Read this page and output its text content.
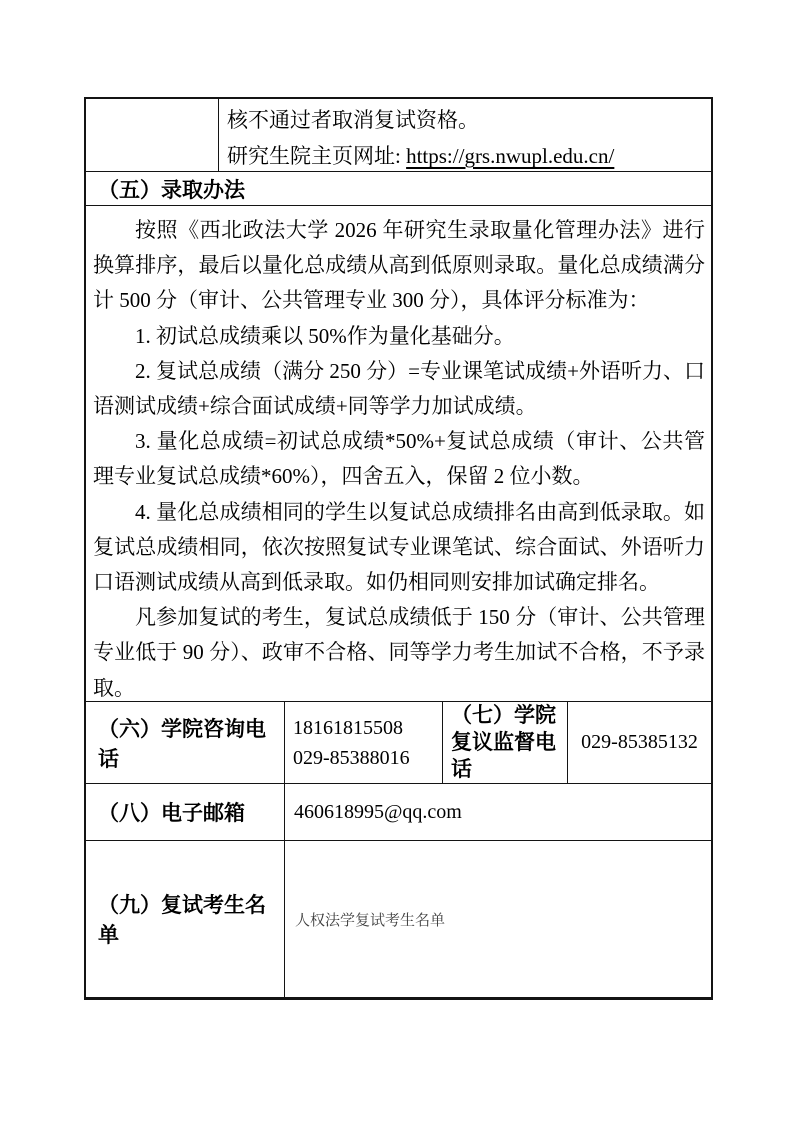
核不通过者取消复试资格。
研究生院主页网址: https://grs.nwupl.edu.cn/
（五）录取办法

按照《西北政法大学 2026 年研究生录取量化管理办法》进行换算排序，最后以量化总成绩从高到低原则录取。量化总成绩满分计 500 分（审计、公共管理专业 300 分），具体评分标准为：

1. 初试总成绩乘以 50%作为量化基础分。

2. 复试总成绩（满分 250 分）=专业课笔试成绩+外语听力、口语测试成绩+综合面试成绩+同等学力加试成绩。

3. 量化总成绩=初试总成绩*50%+复试总成绩（审计、公共管理专业复试总成绩*60%），四舍五入，保留 2 位小数。

4. 量化总成绩相同的学生以复试总成绩排名由高到低录取。如复试总成绩相同，依次按照复试专业课笔试、综合面试、外语听力口语测试成绩从高到低录取。如仍相同则安排加试确定排名。

凡参加复试的考生，复试总成绩低于 150 分（审计、公共管理专业低于 90 分）、政审不合格、同等学力考生加试不合格，不予录取。

（六）学院咨询电话
18161815508
029-85388016
（七）学院复议监督电话
029-85385132
（八）电子邮箱	460618995@qq.com
（九）复试考生名单
人权法学复试考生名单
